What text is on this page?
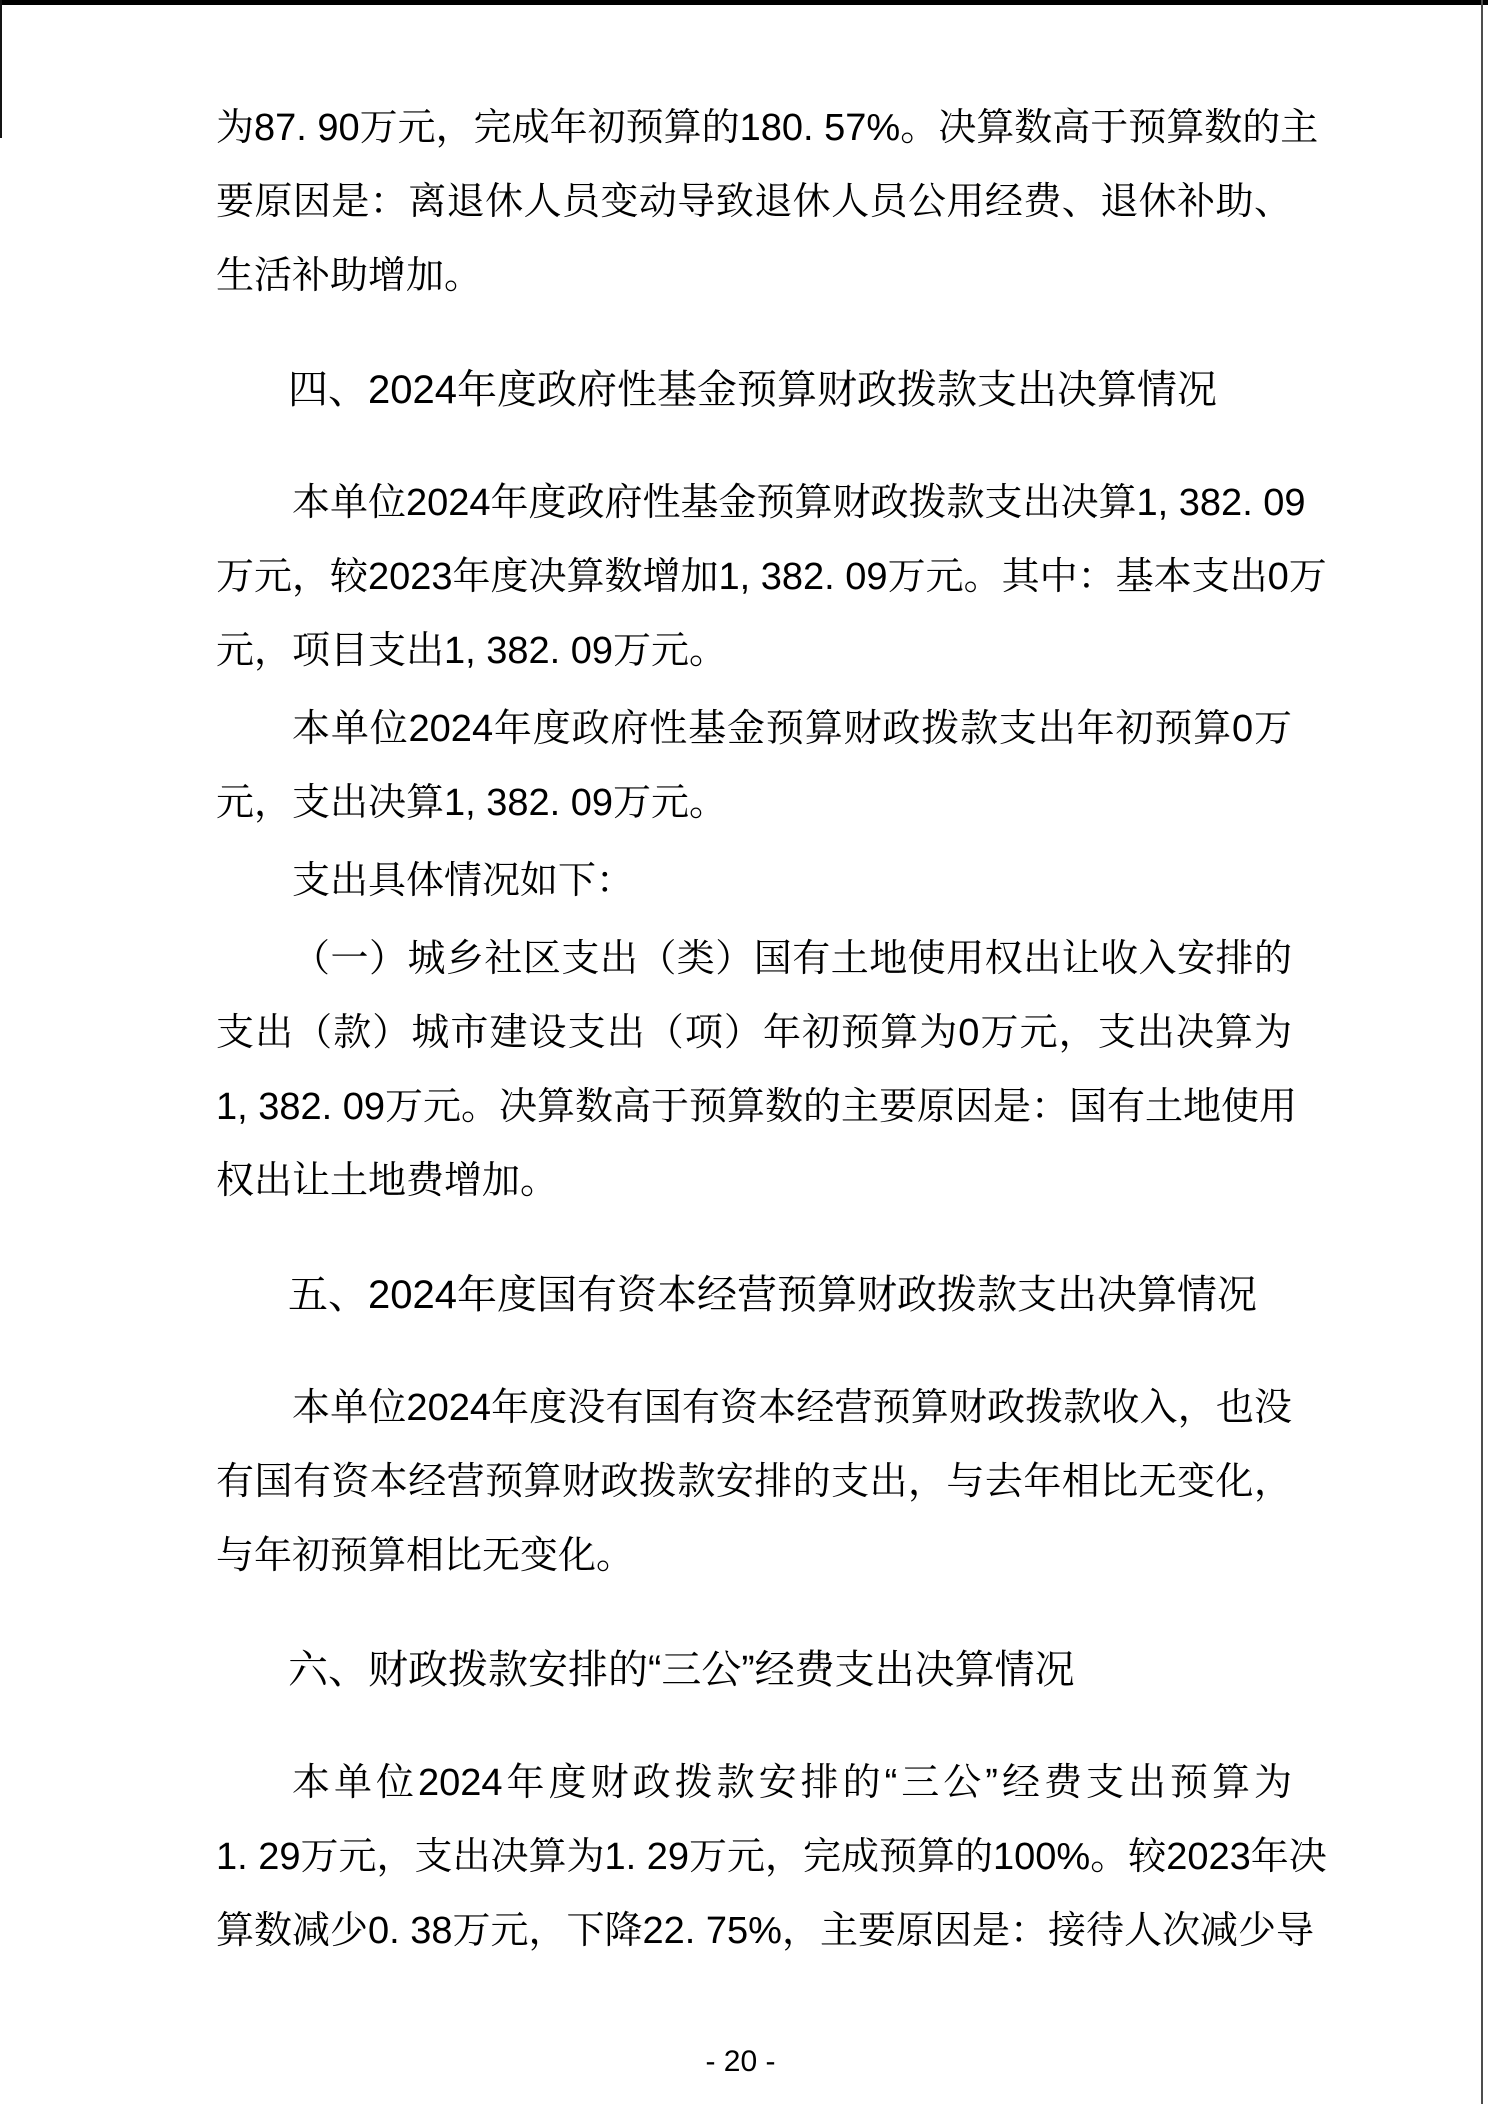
为87. 90万元，完成年初预算的180. 57%。决算数高于预算数的主
要原因是：离退休人员变动导致退休人员公用经费、退休补助、
生活补助增加。
四、2024年度政府性基金预算财政拨款支出决算情况
本单位2024年度政府性基金预算财政拨款支出决算1, 382. 09
万元，较2023年度决算数增加1, 382. 09万元。其中：基本支出0万
元，项目支出1, 382. 09万元。
本单位2024年度政府性基金预算财政拨款支出年初预算0万
元，支出决算1, 382. 09万元。
支出具体情况如下：
（一）城乡社区支出（类）国有土地使用权出让收入安排的
支出（款）城市建设支出（项）年初预算为0万元，支出决算为
1, 382. 09万元。决算数高于预算数的主要原因是：国有土地使用
权出让土地费增加。
五、2024年度国有资本经营预算财政拨款支出决算情况
本单位2024年度没有国有资本经营预算财政拨款收入，也没
有国有资本经营预算财政拨款安排的支出，与去年相比无变化，
与年初预算相比无变化。
六、财政拨款安排的“三公”经费支出决算情况
本单位2024年度财政拨款安排的“三公”经费支出预算为
1. 29万元，支出决算为1. 29万元，完成预算的100%。较2023年决
算数减少0. 38万元，下降22. 75%，主要原因是：接待人次减少导
- 20 -
